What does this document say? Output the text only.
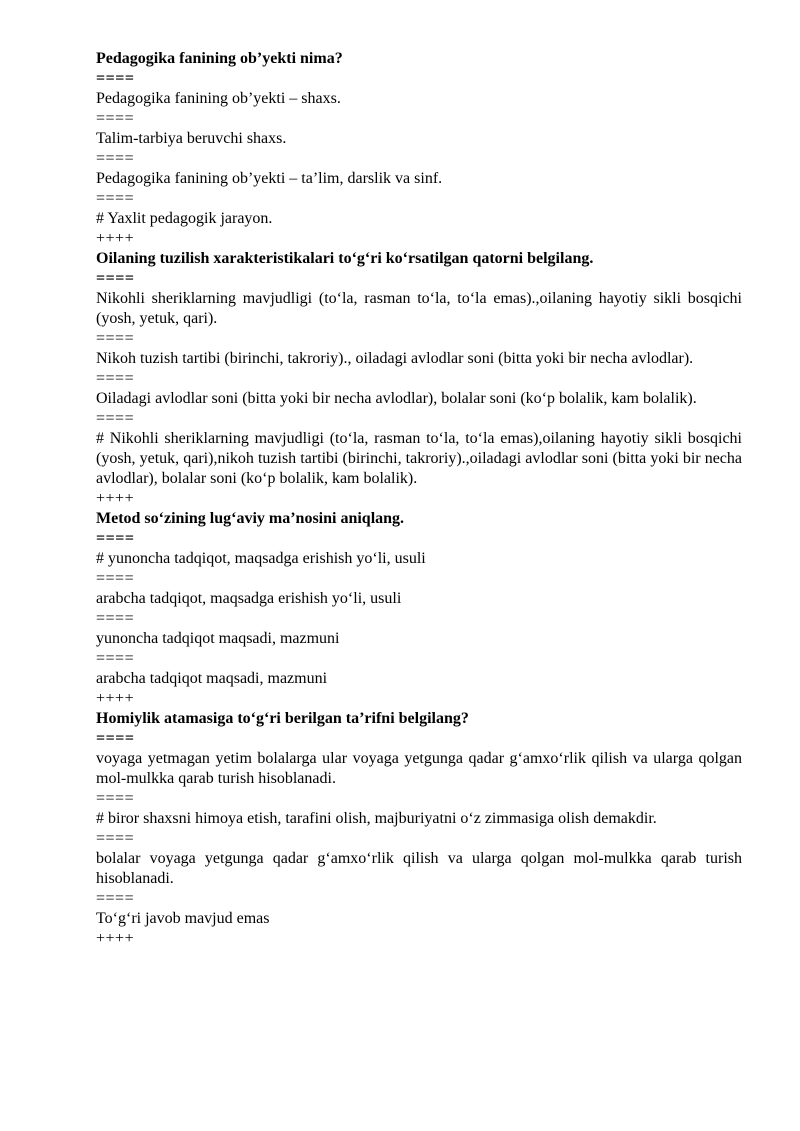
Pedagogika fanining ob’yekti nima?

====

Pedagogika fanining ob’yekti – shaxs.

====

Talim-tarbiya beruvchi shaxs.

====

Pedagogika fanining ob’yekti – ta’lim, darslik va sinf.

====

# Yaxlit pedagogik jarayon.

++++

Oilaning tuzilish xarakteristikalari to‘g‘ri ko‘rsatilgan qatorni belgilang.

====

Nikohli sheriklarning mavjudligi (to‘la, rasman to‘la, to‘la emas).,oilaning hayotiy sikli bosqichi (yosh, yetuk, qari).

====

Nikoh tuzish tartibi (birinchi, takroriy)., oiladagi avlodlar soni (bitta yoki bir necha avlodlar).

====

Oiladagi avlodlar soni (bitta yoki bir necha avlodlar), bolalar soni (ko‘p bolalik, kam bolalik).

====

# Nikohli sheriklarning mavjudligi (to‘la, rasman to‘la, to‘la emas),oilaning hayotiy sikli bosqichi (yosh, yetuk, qari),nikoh tuzish tartibi (birinchi, takroriy).,oiladagi avlodlar soni (bitta yoki bir necha avlodlar), bolalar soni (ko‘p bolalik, kam bolalik).

++++

Metod so‘zining lug‘aviy ma’nosini aniqlang.

====

# yunoncha tadqiqot, maqsadga erishish yo‘li, usuli

====

arabcha tadqiqot, maqsadga erishish yo‘li, usuli

====

yunoncha tadqiqot maqsadi, mazmuni

====

arabcha tadqiqot maqsadi, mazmuni

++++

Homiylik atamasiga to‘g‘ri berilgan ta’rifni belgilang?

====

voyaga yetmagan yetim bolalarga ular voyaga yetgunga qadar g‘amxo‘rlik qilish va ularga qolgan mol-mulkka qarab turish hisoblanadi.

====

# biror shaxsni himoya etish, tarafini olish, majburiyatni o‘z zimmasiga olish demakdir.

====

bolalar voyaga yetgunga qadar g‘amxo‘rlik qilish va ularga qolgan mol-mulkka qarab turish hisoblanadi.

====

To‘g‘ri javob mavjud emas

++++
